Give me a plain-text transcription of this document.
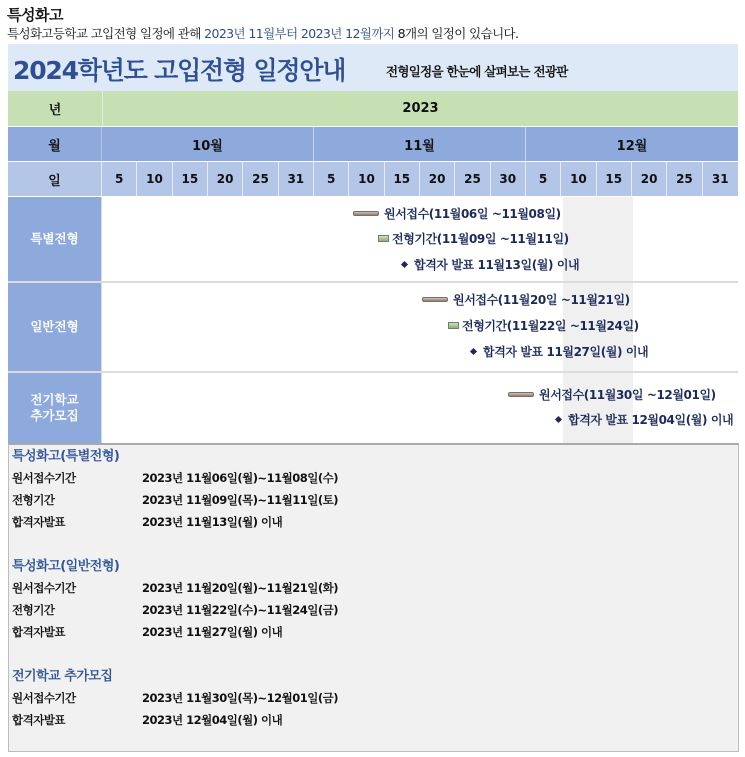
특성화고
특성화고등학교 고입전형 일정에 관해 2023년 11월부터 2023년 12월까지 8개의 일정이 있습니다.
2024학년도 고입전형 일정안내	전형일정을 한눈에 살펴보는 전광판
년	2023
월	10월	11월	12월
일	5	10	15	20	25	31	5	10	15	20	25	30	5	10	15	20	25	31
특별전형
원서접수(11월06일 ~11월08일)
전형기간(11월09일 ~11월11일)
합격자 발표 11월13일(월) 이내
일반전형
원서접수(11월20일 ~11월21일)
전형기간(11월22일 ~11월24일)
합격자 발표 11월27일(월) 이내
전기학교
추가모집
원서접수(11월30일 ~12월01일)
합격자 발표 12월04일(월) 이내
특성화고(특별전형)
원서접수기간	2023년 11월06일(월)~11월08일(수)
전형기간	2023년 11월09일(목)~11월11일(토)
합격자발표	2023년 11월13일(월) 이내
특성화고(일반전형)
원서접수기간	2023년 11월20일(월)~11월21일(화)
전형기간	2023년 11월22일(수)~11월24일(금)
합격자발표	2023년 11월27일(월) 이내
전기학교 추가모집
원서접수기간	2023년 11월30일(목)~12월01일(금)
합격자발표	2023년 12월04일(월) 이내
